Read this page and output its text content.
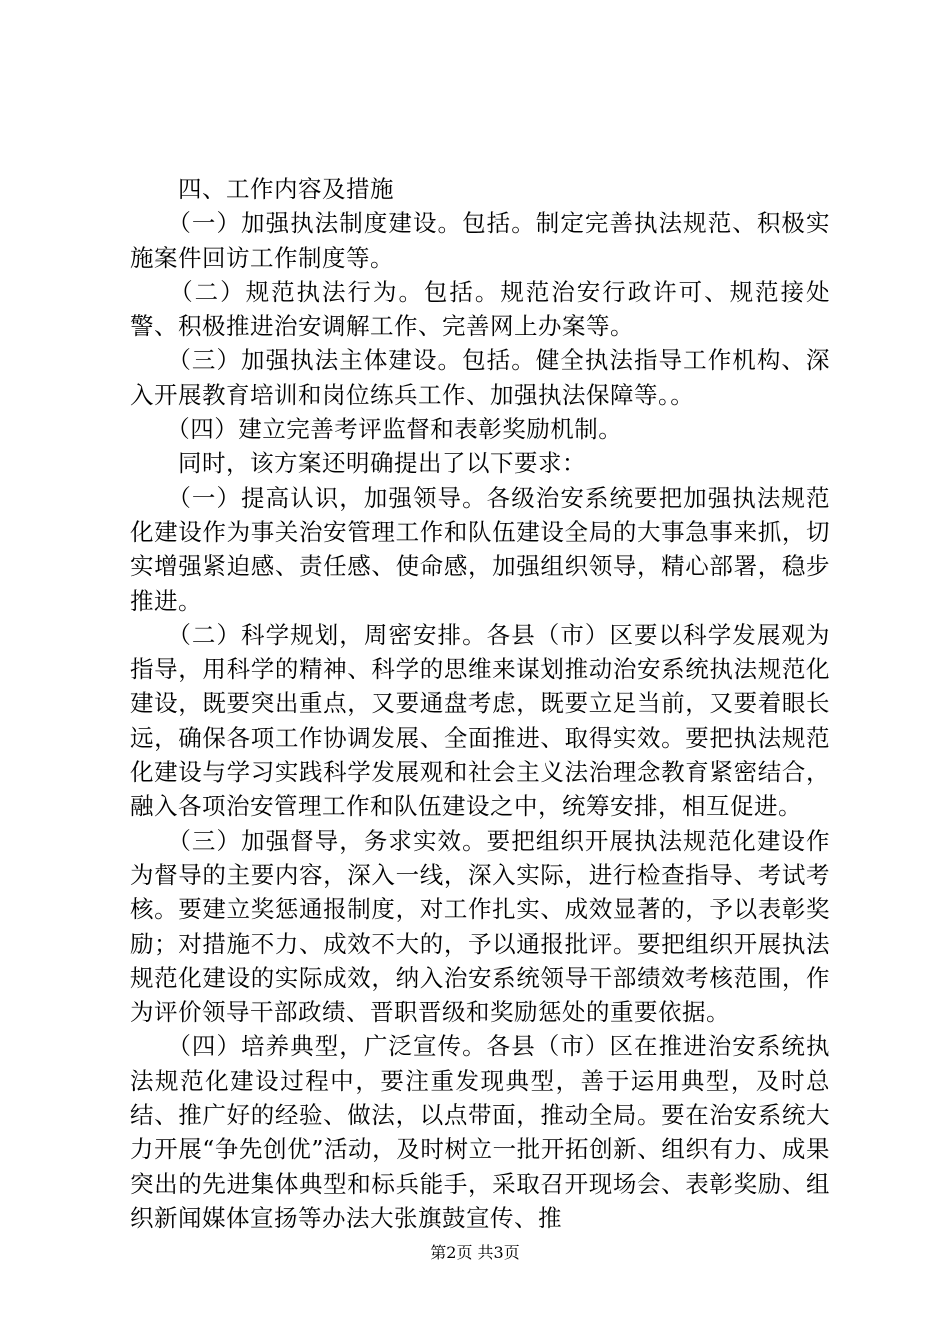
　　四、工作内容及措施

　　（一）加强执法制度建设。包括。制定完善执法规范、积极实施案件回访工作制度等。

　　（二）规范执法行为。包括。规范治安行政许可、规范接处警、积极推进治安调解工作、完善网上办案等。

　　（三）加强执法主体建设。包括。健全执法指导工作机构、深入开展教育培训和岗位练兵工作、加强执法保障等。。

　　（四）建立完善考评监督和表彰奖励机制。

　　同时，该方案还明确提出了以下要求：

　　（一）提高认识，加强领导。各级治安系统要把加强执法规范化建设作为事关治安管理工作和队伍建设全局的大事急事来抓，切实增强紧迫感、责任感、使命感，加强组织领导，精心部署，稳步推进。

　　（二）科学规划，周密安排。各县（市）区要以科学发展观为指导，用科学的精神、科学的思维来谋划推动治安系统执法规范化建设，既要突出重点，又要通盘考虑，既要立足当前，又要着眼长远，确保各项工作协调发展、全面推进、取得实效。要把执法规范化建设与学习实践科学发展观和社会主义法治理念教育紧密结合，融入各项治安管理工作和队伍建设之中，统筹安排，相互促进。

　　（三）加强督导，务求实效。要把组织开展执法规范化建设作为督导的主要内容，深入一线，深入实际，进行检查指导、考试考核。要建立奖惩通报制度，对工作扎实、成效显著的，予以表彰奖励；对措施不力、成效不大的，予以通报批评。要把组织开展执法规范化建设的实际成效，纳入治安系统领导干部绩效考核范围，作为评价领导干部政绩、晋职晋级和奖励惩处的重要依据。

　　（四）培养典型，广泛宣传。各县（市）区在推进治安系统执法规范化建设过程中，要注重发现典型，善于运用典型，及时总结、推广好的经验、做法，以点带面，推动全局。要在治安系统大力开展“争先创优”活动，及时树立一批开拓创新、组织有力、成果突出的先进集体典型和标兵能手，采取召开现场会、表彰奖励、组织新闻媒体宣扬等办法大张旗鼓宣传、推

第2页 共3页
